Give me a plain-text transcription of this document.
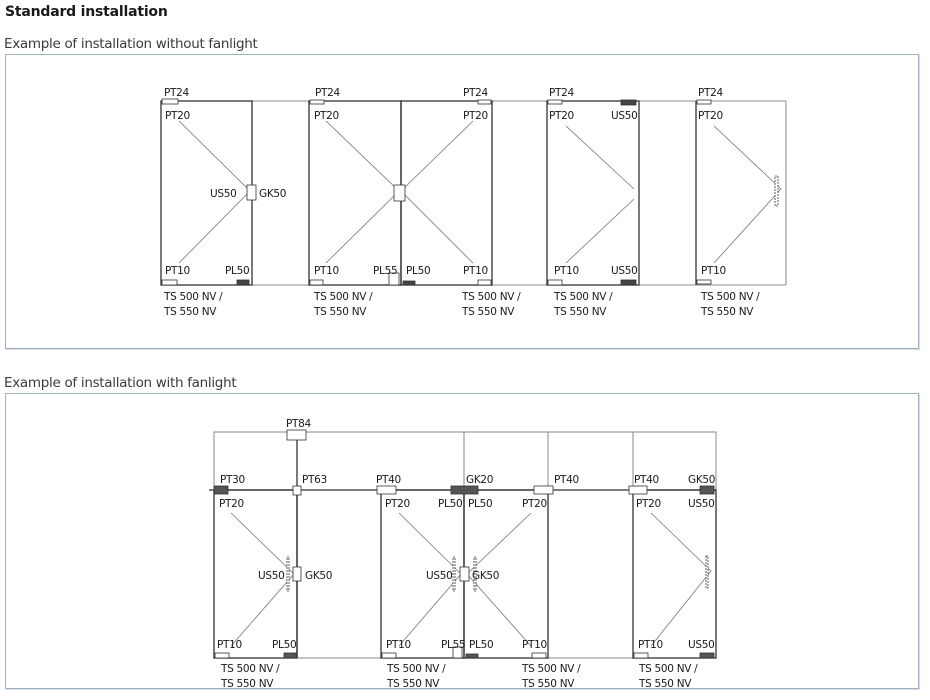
Standard installation
Example of installation without fanlight
PT24
PT20
US50 GK50
PT10	PL50
TS 500 NV /
TS 550 NV
PT24
PT20
PT10	PL55
TS 500 NV /
TS 550 NV
PT24
PT20
PL50	PT10
TS 500 NV /
TS 550 NV
PT24
PT20	US50
PT10	US50
TS 500 NV /
TS 550 NV
PT24
PT20
PT10
TS 500 NV /
TS 550 NV
Example of installation with fanlight
PT84
PT30	PT63
PT20
US50 GK50
PT10	PL50
TS 500 NV /
TS 550 NV
PT40
PT20
US50
PT10	PL55
TS 500 NV /
TS 550 NV
GK20
PL50 PL50	PT20
GK50
PL50	PT10
TS 500 NV /
TS 550 NV
PT40	PT40	GK50
PT20	US50
PT10 US50
TS 500 NV /
TS 550 NV
